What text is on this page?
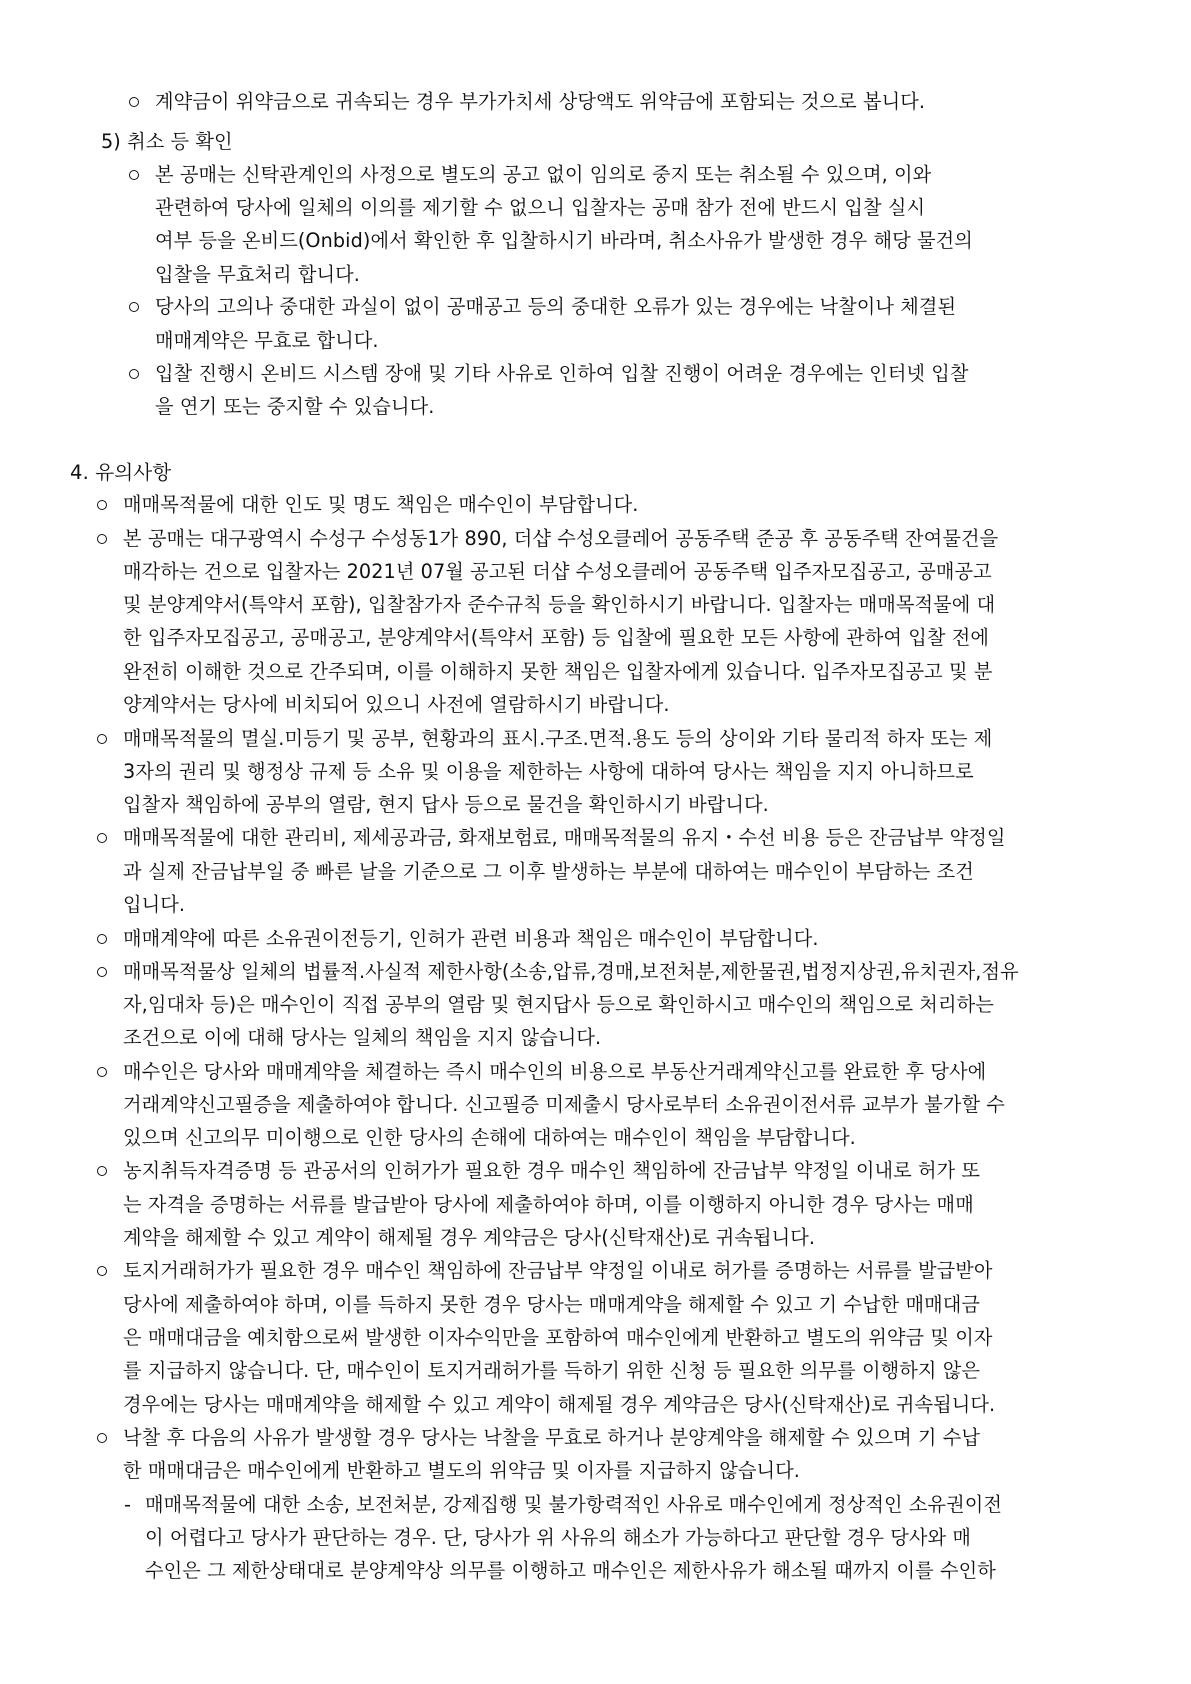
계약금이 위약금으로 귀속되는 경우 부가가치세 상당액도 위약금에 포함되는 것으로 봅니다.
5) 취소 등 확인
본 공매는 신탁관계인의 사정으로 별도의 공고 없이 임의로 중지 또는 취소될 수 있으며, 이와
관련하여 당사에 일체의 이의를 제기할 수 없으니 입찰자는 공매 참가 전에 반드시 입찰 실시
여부 등을 온비드(Onbid)에서 확인한 후 입찰하시기 바라며, 취소사유가 발생한 경우 해당 물건의
입찰을 무효처리 합니다.
당사의 고의나 중대한 과실이 없이 공매공고 등의 중대한 오류가 있는 경우에는 낙찰이나 체결된
매매계약은 무효로 합니다.
입찰 진행시 온비드 시스템 장애 및 기타 사유로 인하여 입찰 진행이 어려운 경우에는 인터넷 입찰
을 연기 또는 중지할 수 있습니다.
4. 유의사항
매매목적물에 대한 인도 및 명도 책임은 매수인이 부담합니다.
본 공매는 대구광역시 수성구 수성동1가 890, 더샵 수성오클레어 공동주택 준공 후 공동주택 잔여물건을
매각하는 건으로 입찰자는 2021년 07월 공고된 더샵 수성오클레어 공동주택 입주자모집공고, 공매공고
및 분양계약서(특약서 포함), 입찰참가자 준수규칙 등을 확인하시기 바랍니다. 입찰자는 매매목적물에 대
한 입주자모집공고, 공매공고, 분양계약서(특약서 포함) 등 입찰에 필요한 모든 사항에 관하여 입찰 전에
완전히 이해한 것으로 간주되며, 이를 이해하지 못한 책임은 입찰자에게 있습니다. 입주자모집공고 및 분
양계약서는 당사에 비치되어 있으니 사전에 열람하시기 바랍니다.
매매목적물의 멸실.미등기 및 공부, 현황과의 표시.구조.면적.용도 등의 상이와 기타 물리적 하자 또는 제
3자의 권리 및 행정상 규제 등 소유 및 이용을 제한하는 사항에 대하여 당사는 책임을 지지 아니하므로
입찰자 책임하에 공부의 열람, 현지 답사 등으로 물건을 확인하시기 바랍니다.
매매목적물에 대한 관리비, 제세공과금, 화재보험료, 매매목적물의 유지・수선 비용 등은 잔금납부 약정일
과 실제 잔금납부일 중 빠른 날을 기준으로 그 이후 발생하는 부분에 대하여는 매수인이 부담하는 조건
입니다.
매매계약에 따른 소유권이전등기, 인허가 관련 비용과 책임은 매수인이 부담합니다.
매매목적물상 일체의 법률적.사실적 제한사항(소송,압류,경매,보전처분,제한물권,법정지상권,유치권자,점유
자,임대차 등)은 매수인이 직접 공부의 열람 및 현지답사 등으로 확인하시고 매수인의 책임으로 처리하는
조건으로 이에 대해 당사는 일체의 책임을 지지 않습니다.
매수인은 당사와 매매계약을 체결하는 즉시 매수인의 비용으로 부동산거래계약신고를 완료한 후 당사에
거래계약신고필증을 제출하여야 합니다. 신고필증 미제출시 당사로부터 소유권이전서류 교부가 불가할 수
있으며 신고의무 미이행으로 인한 당사의 손해에 대하여는 매수인이 책임을 부담합니다.
농지취득자격증명 등 관공서의 인허가가 필요한 경우 매수인 책임하에 잔금납부 약정일 이내로 허가 또
는 자격을 증명하는 서류를 발급받아 당사에 제출하여야 하며, 이를 이행하지 아니한 경우 당사는 매매
계약을 해제할 수 있고 계약이 해제될 경우 계약금은 당사(신탁재산)로 귀속됩니다.
토지거래허가가 필요한 경우 매수인 책임하에 잔금납부 약정일 이내로 허가를 증명하는 서류를 발급받아
당사에 제출하여야 하며, 이를 득하지 못한 경우 당사는 매매계약을 해제할 수 있고 기 수납한 매매대금
은 매매대금을 예치함으로써 발생한 이자수익만을 포함하여 매수인에게 반환하고 별도의 위약금 및 이자
를 지급하지 않습니다. 단, 매수인이 토지거래허가를 득하기 위한 신청 등 필요한 의무를 이행하지 않은
경우에는 당사는 매매계약을 해제할 수 있고 계약이 해제될 경우 계약금은 당사(신탁재산)로 귀속됩니다.
낙찰 후 다음의 사유가 발생할 경우 당사는 낙찰을 무효로 하거나 분양계약을 해제할 수 있으며 기 수납
한 매매대금은 매수인에게 반환하고 별도의 위약금 및 이자를 지급하지 않습니다.
- 매매목적물에 대한 소송, 보전처분, 강제집행 및 불가항력적인 사유로 매수인에게 정상적인 소유권이전
이 어렵다고 당사가 판단하는 경우. 단, 당사가 위 사유의 해소가 가능하다고 판단할 경우 당사와 매
수인은 그 제한상태대로 분양계약상 의무를 이행하고 매수인은 제한사유가 해소될 때까지 이를 수인하
